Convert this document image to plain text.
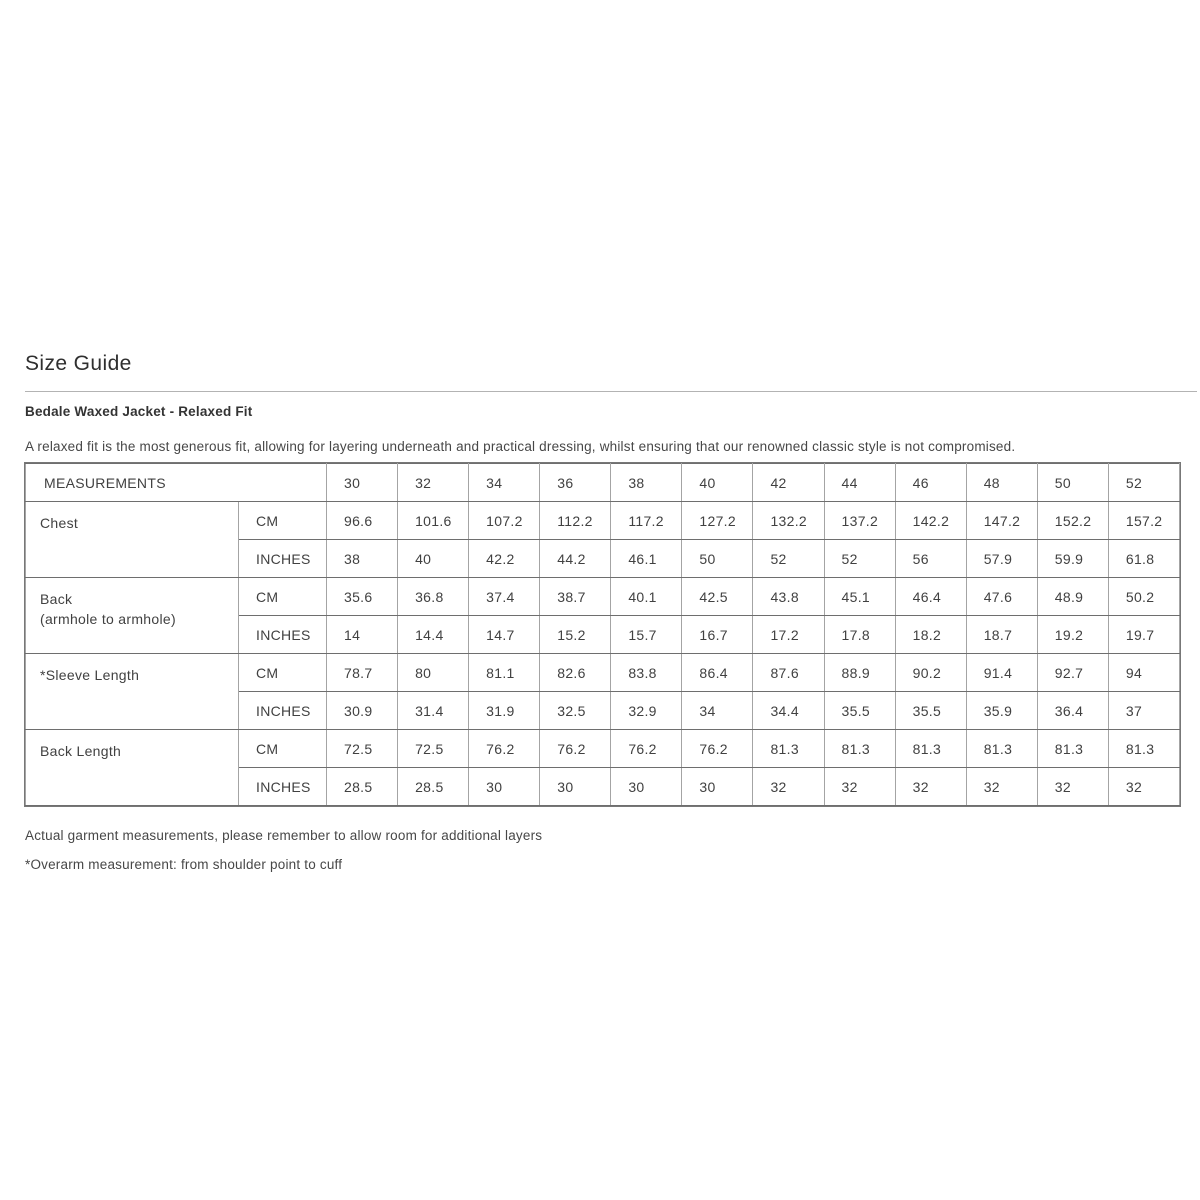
Size Guide

Bedale Waxed Jacket - Relaxed Fit

A relaxed fit is the most generous fit, allowing for layering underneath and practical dressing, whilst ensuring that our renowned classic style is not compromised.

MEASUREMENTS		30	32	34	36	38	40	42	44	46	48	50	52

Chest	CM	96.6	101.6	107.2	112.2	117.2	127.2	132.2	137.2	142.2	147.2	152.2	157.2
	INCHES	38	40	42.2	44.2	46.1	50	52	52	56	57.9	59.9	61.8

Back
(armhole to armhole)	CM	35.6	36.8	37.4	38.7	40.1	42.5	43.8	45.1	46.4	47.6	48.9	50.2
	INCHES	14	14.4	14.7	15.2	15.7	16.7	17.2	17.8	18.2	18.7	19.2	19.7

*Sleeve Length	CM	78.7	80	81.1	82.6	83.8	86.4	87.6	88.9	90.2	91.4	92.7	94
	INCHES	30.9	31.4	31.9	32.5	32.9	34	34.4	35.5	35.5	35.9	36.4	37

Back Length	CM	72.5	72.5	76.2	76.2	76.2	76.2	81.3	81.3	81.3	81.3	81.3	81.3
	INCHES	28.5	28.5	30	30	30	30	32	32	32	32	32	32

Actual garment measurements, please remember to allow room for additional layers

*Overarm measurement: from shoulder point to cuff
